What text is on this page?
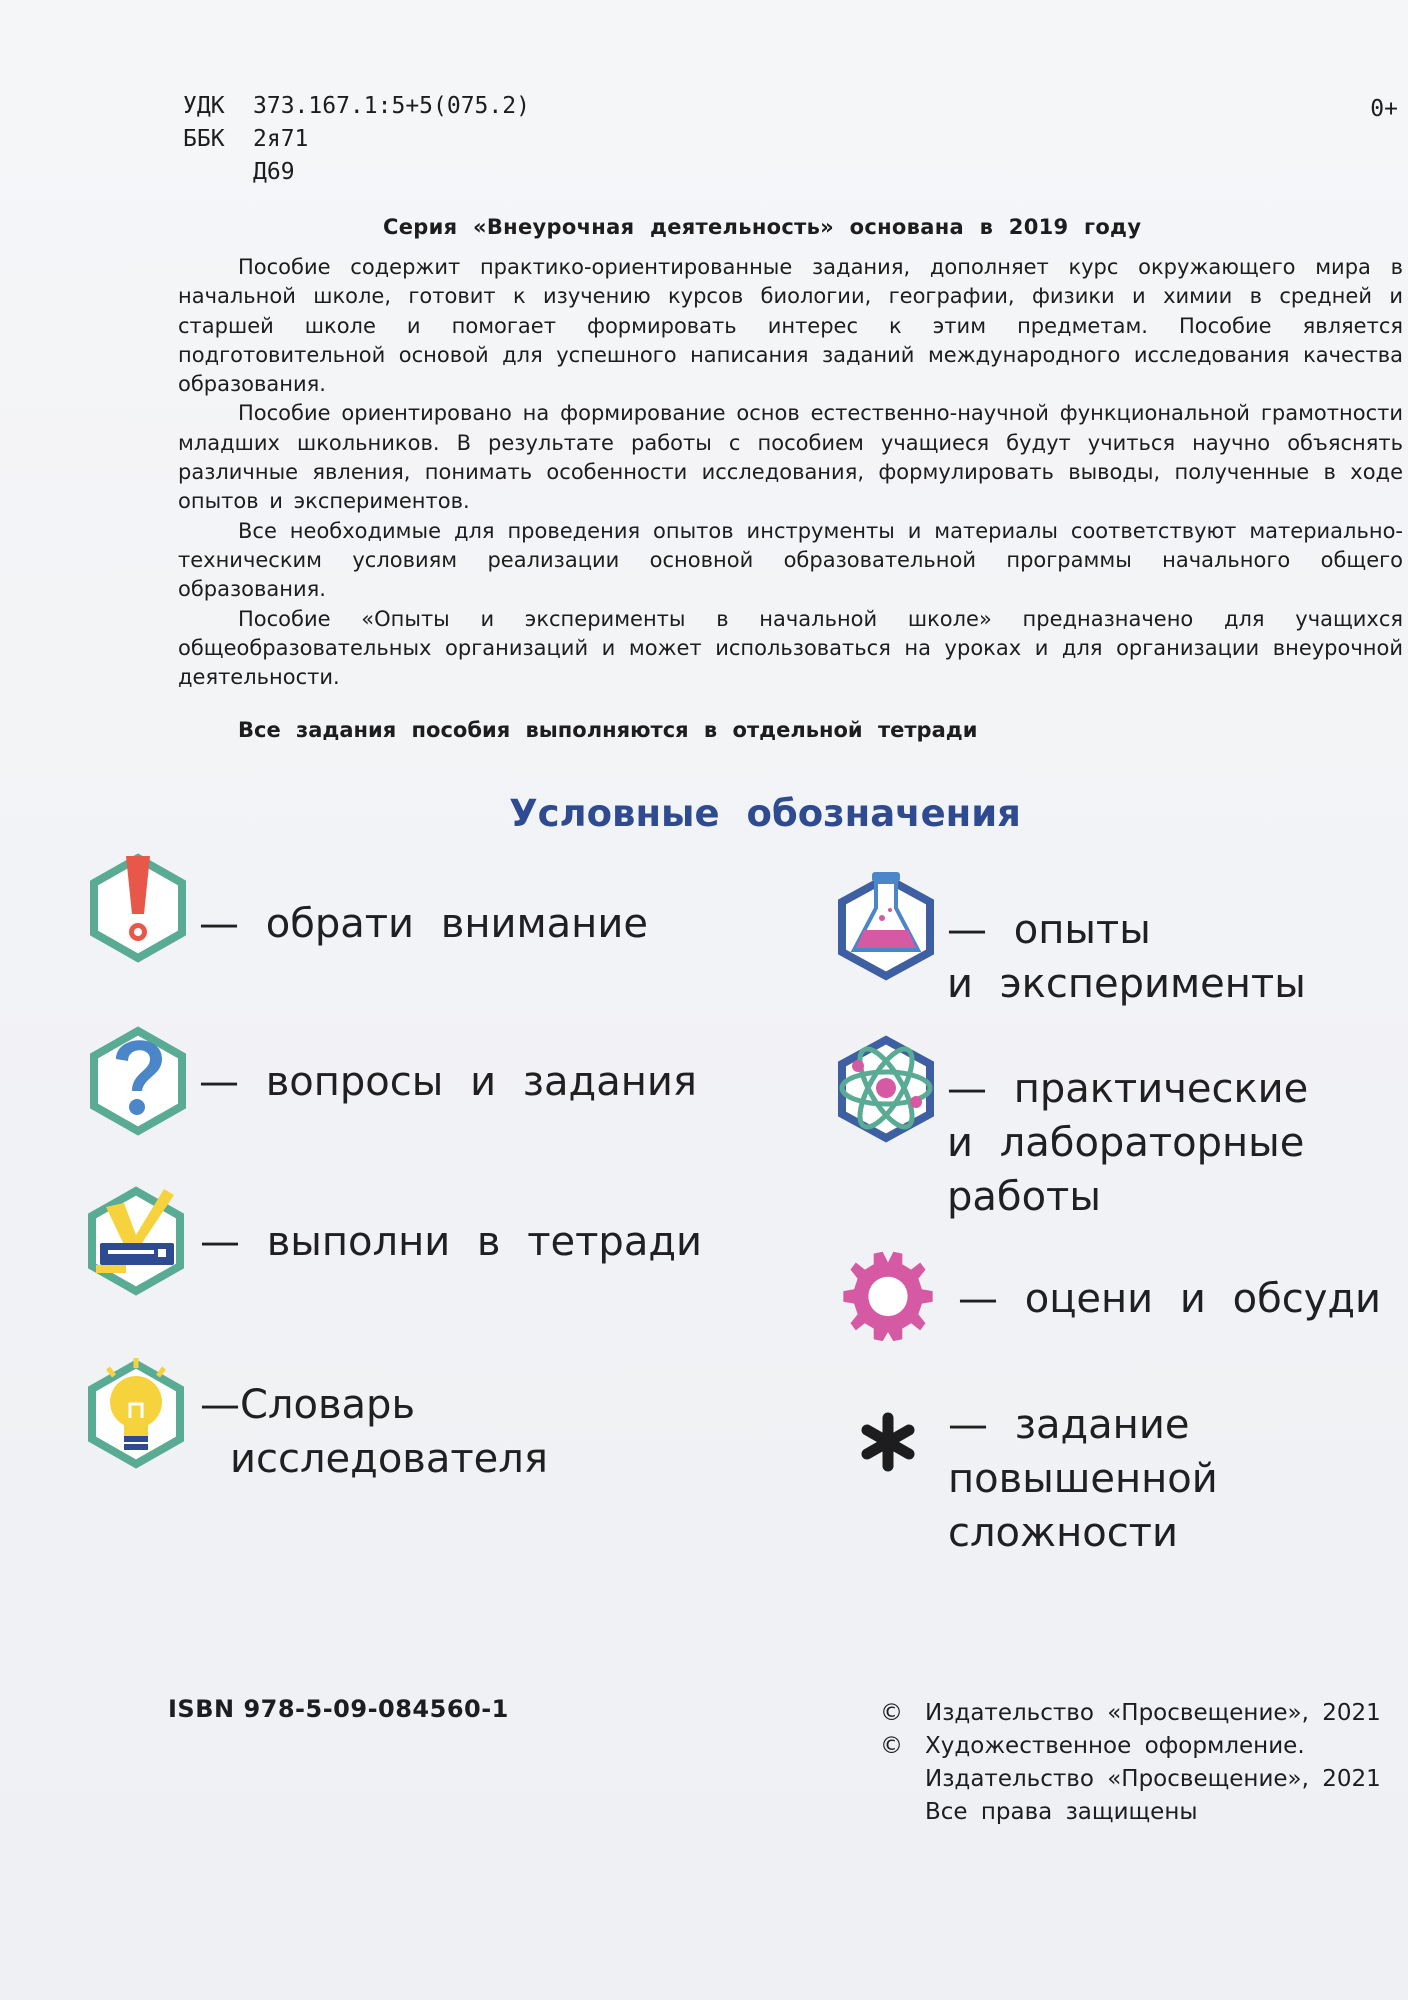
УДК	373.167.1:5+5(075.2)
ББК	2я71
Д69
0+
Серия «Внеурочная деятельность» основана в 2019 году

Пособие содержит практико-ориентированные задания, дополняет курс окружающего мира в начальной школе, готовит к изучению курсов биологии, географии, физики и химии в средней и старшей школе и помогает формировать интерес к этим предметам. Пособие является подготовительной основой для успешного написания заданий международного исследования качества образования.

Пособие ориентировано на формирование основ естественно-научной функциональной грамотности младших школьников. В результате работы с пособием учащиеся будут учиться научно объяснять различные явления, понимать особенности исследования, формулировать выводы, полученные в ходе опытов и экспериментов.

Все необходимые для проведения опытов инструменты и материалы соответствуют материально-техническим условиям реализации основной образовательной программы начального общего образования.

Пособие «Опыты и эксперименты в начальной школе» предназначено для учащихся общеобразовательных организаций и может использоваться на уроках и для организации внеурочной деятельности.

Все задания пособия выполняются в отдельной тетради
Условные обозначения
— обрати внимание
— вопросы и задания
— выполни в тетради
—Словарь
исследователя
— опыты
и эксперименты
— практические
и лабораторные
работы
— оцени и обсуди
— задание
повышенной
сложности
ISBN 978-5-09-084560-1	© Издательство «Просвещение», 2021
© Художественное оформление.
Издательство «Просвещение», 2021
Все права защищены
